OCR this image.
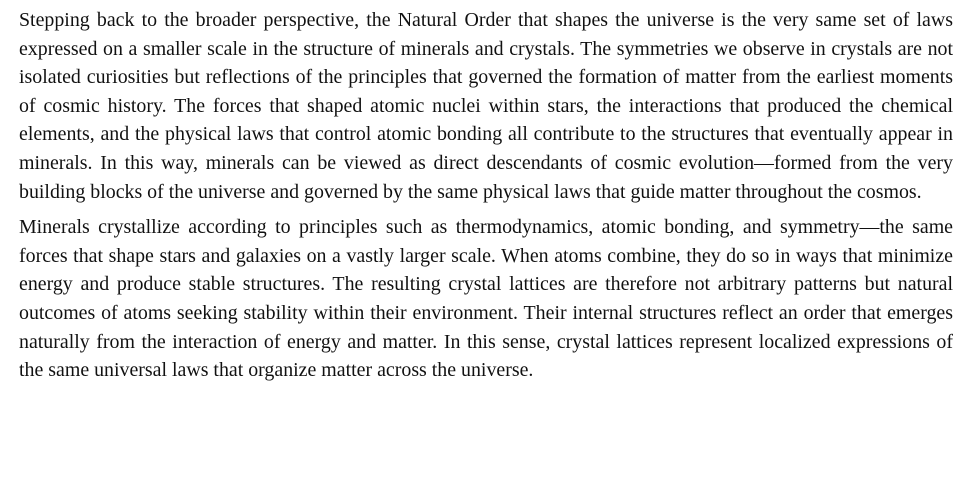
Stepping back to the broader perspective, the Natural Order that shapes the universe is the very same set of laws expressed on a smaller scale in the structure of minerals and crystals. The symmetries we observe in crystals are not isolated curiosities but reflections of the principles that governed the formation of matter from the earliest moments of cosmic history. The forces that shaped atomic nuclei within stars, the interactions that produced the chemical elements, and the physical laws that control atomic bonding all contribute to the structures that eventually appear in minerals. In this way, minerals can be viewed as direct descendants of cosmic evolution—formed from the very building blocks of the universe and governed by the same physical laws that guide matter throughout the cosmos.

Minerals crystallize according to principles such as thermodynamics, atomic bonding, and symmetry—the same forces that shape stars and galaxies on a vastly larger scale. When atoms combine, they do so in ways that minimize energy and produce stable structures. The resulting crystal lattices are therefore not arbitrary patterns but natural outcomes of atoms seeking stability within their environment. Their internal structures reflect an order that emerges naturally from the interaction of energy and matter. In this sense, crystal lattices represent localized expressions of the same universal laws that organize matter across the universe.
